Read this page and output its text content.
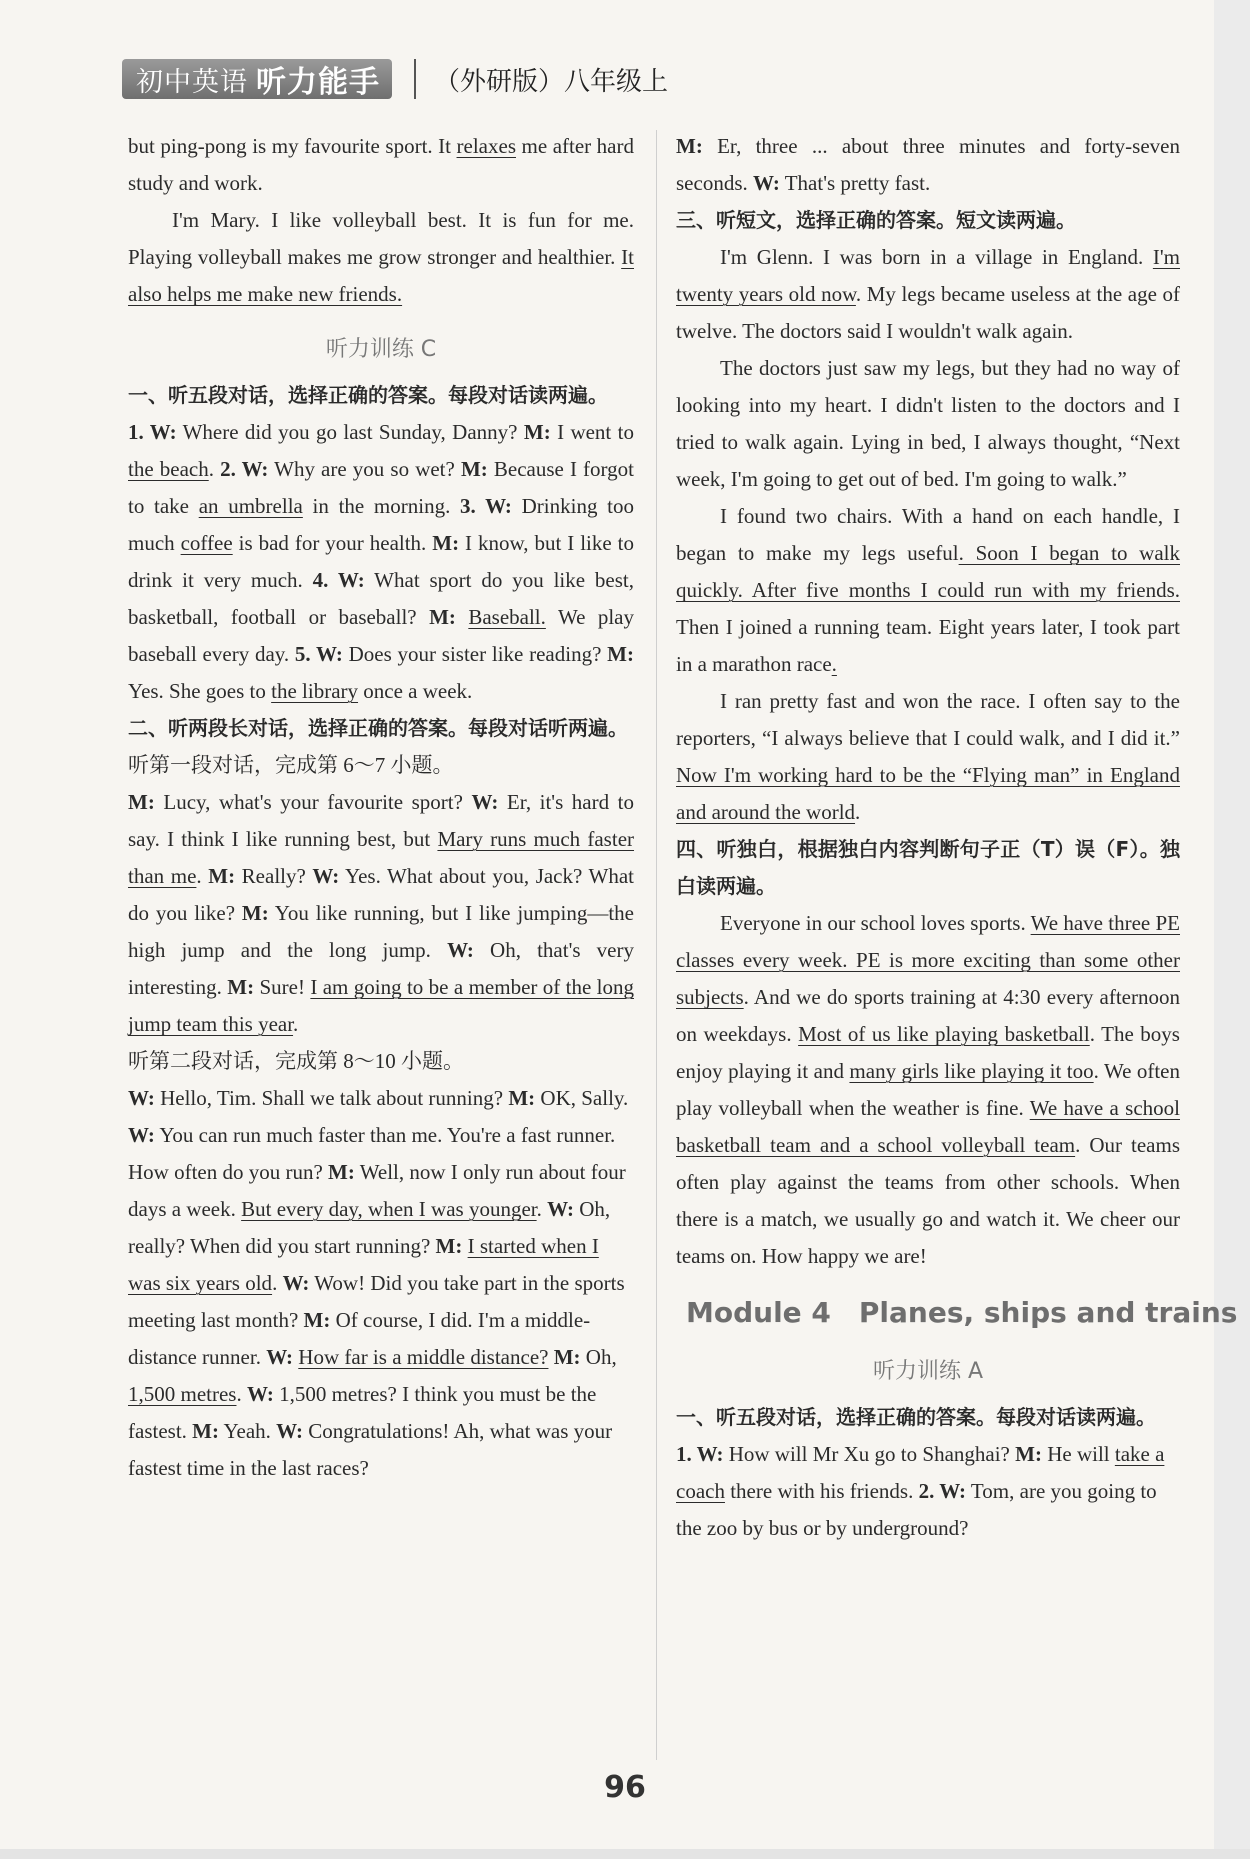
初中英语 听力能手 （外研版）八年级上

but ping-pong is my favourite sport. It relaxes me after hard study and work.

I'm Mary. I like volleyball best. It is fun for me. Playing volleyball makes me grow stronger and healthier. It also helps me make new friends.

听力训练 C

一、听五段对话，选择正确的答案。每段对话读两遍。

1. W: Where did you go last Sunday, Danny? M: I went to the beach. 2. W: Why are you so wet? M: Because I forgot to take an umbrella in the morning. 3. W: Drinking too much coffee is bad for your health. M: I know, but I like to drink it very much. 4. W: What sport do you like best, basketball, football or baseball? M: Baseball. We play baseball every day. 5. W: Does your sister like reading? M: Yes. She goes to the library once a week.

二、听两段长对话，选择正确的答案。每段对话听两遍。

听第一段对话，完成第 6～7 小题。

M: Lucy, what's your favourite sport? W: Er, it's hard to say. I think I like running best, but Mary runs much faster than me. M: Really? W: Yes. What about you, Jack? What do you like? M: You like running, but I like jumping—the high jump and the long jump. W: Oh, that's very interesting. M: Sure! I am going to be a member of the long jump team this year.

听第二段对话，完成第 8～10 小题。

W: Hello, Tim. Shall we talk about running? M: OK, Sally. W: You can run much faster than me. You're a fast runner. How often do you run? M: Well, now I only run about four days a week. But every day, when I was younger. W: Oh, really? When did you start running? M: I started when I was six years old. W: Wow! Did you take part in the sports meeting last month? M: Of course, I did. I'm a middle-distance runner. W: How far is a middle distance? M: Oh, 1,500 metres. W: 1,500 metres? I think you must be the fastest. M: Yeah. W: Congratulations! Ah, what was your fastest time in the last races?

M: Er, three ... about three minutes and forty-seven seconds. W: That's pretty fast.

三、听短文，选择正确的答案。短文读两遍。

I'm Glenn. I was born in a village in England. I'm twenty years old now. My legs became useless at the age of twelve. The doctors said I wouldn't walk again.

The doctors just saw my legs, but they had no way of looking into my heart. I didn't listen to the doctors and I tried to walk again. Lying in bed, I always thought, “Next week, I'm going to get out of bed. I'm going to walk.”

I found two chairs. With a hand on each handle, I began to make my legs useful. Soon I began to walk quickly. After five months I could run with my friends. Then I joined a running team. Eight years later, I took part in a marathon race.

I ran pretty fast and won the race. I often say to the reporters, “I always believe that I could walk, and I did it.” Now I'm working hard to be the “Flying man” in England and around the world.

四、听独白，根据独白内容判断句子正（T）误（F）。独白读两遍。

Everyone in our school loves sports. We have three PE classes every week. PE is more exciting than some other subjects. And we do sports training at 4:30 every afternoon on weekdays. Most of us like playing basketball. The boys enjoy playing it and many girls like playing it too. We often play volleyball when the weather is fine. We have a school basketball team and a school volleyball team. Our teams often play against the teams from other schools. When there is a match, we usually go and watch it. We cheer our teams on. How happy we are!

Module 4 Planes, ships and trains
听力训练 A

一、听五段对话，选择正确的答案。每段对话读两遍。

1. W: How will Mr Xu go to Shanghai? M: He will take a coach there with his friends. 2. W: Tom, are you going to the zoo by bus or by underground?

96
